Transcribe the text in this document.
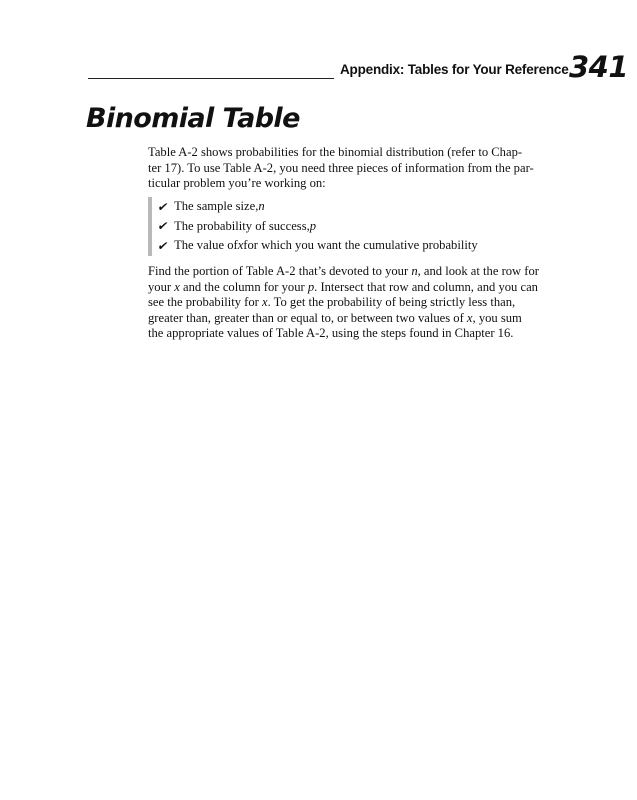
Appendix: Tables for Your Reference 341
Binomial Table
Table A-2 shows probabilities for the binomial distribution (refer to Chap-
ter 17). To use Table A-2, you need three pieces of information from the par-
ticular problem you’re working on:
✔ The sample size, n
✔ The probability of success, p
✔ The value of x for which you want the cumulative probability
Find the portion of Table A-2 that’s devoted to your n, and look at the row for
your x and the column for your p. Intersect that row and column, and you can
see the probability for x. To get the probability of being strictly less than,
greater than, greater than or equal to, or between two values of x, you sum
the appropriate values of Table A-2, using the steps found in Chapter 16.
